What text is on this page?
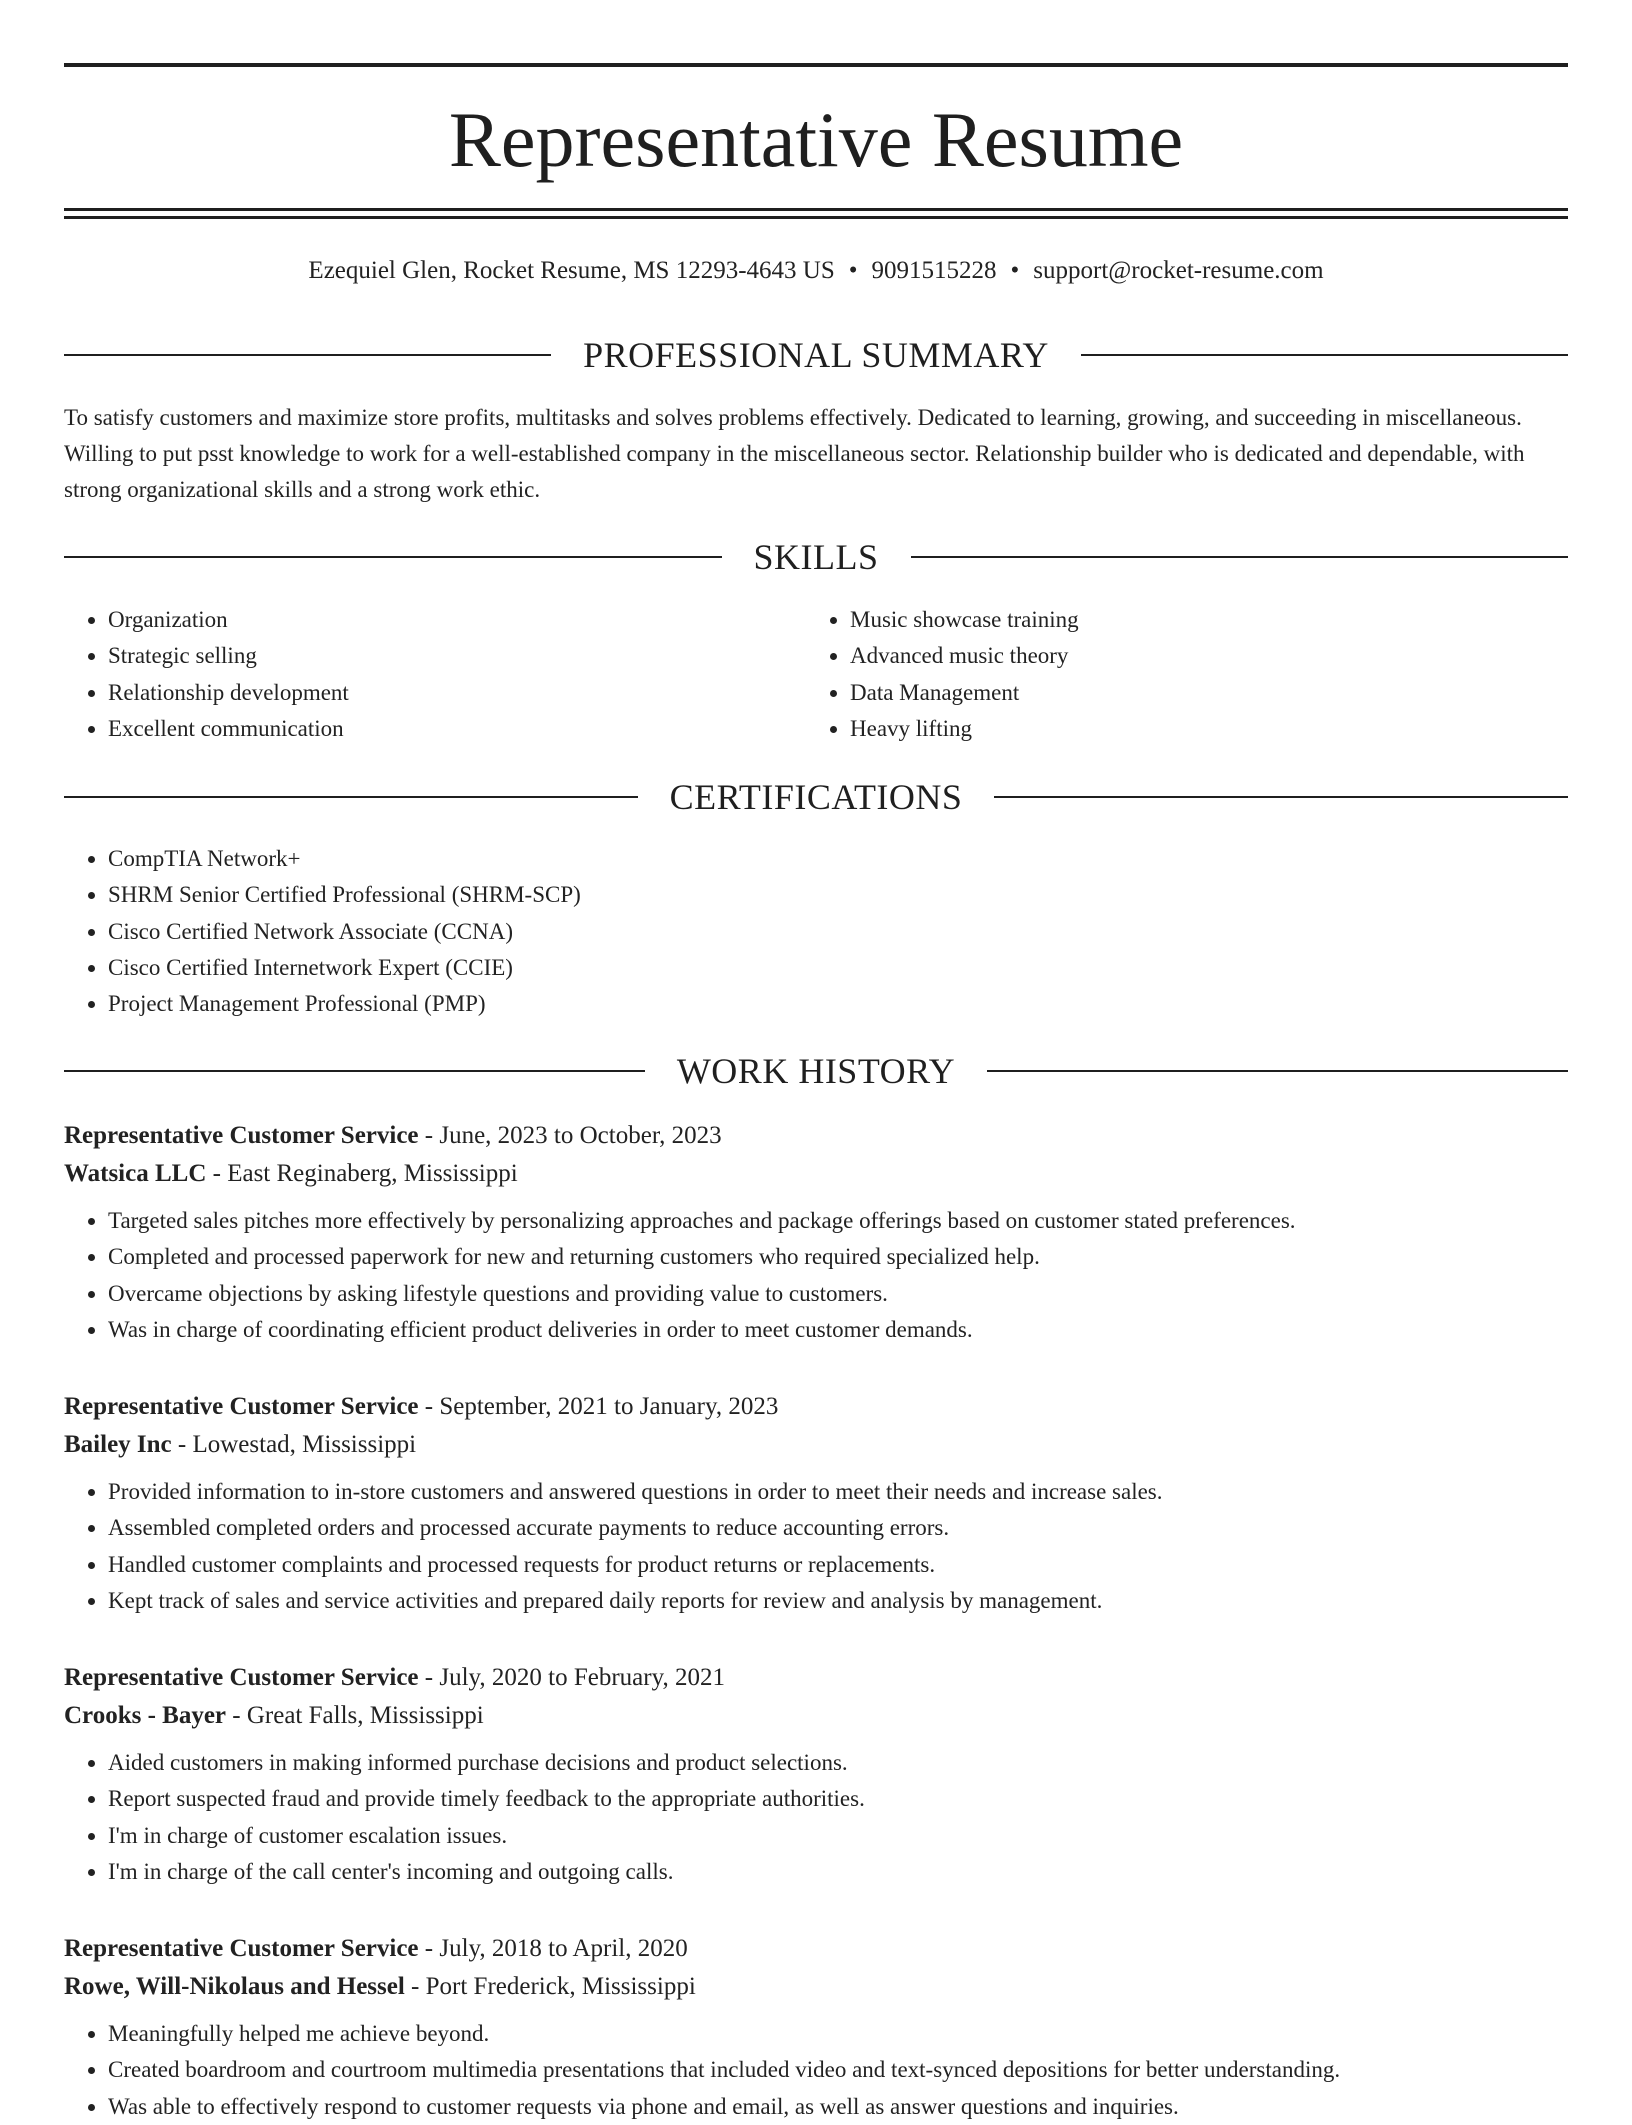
Representative Resume
Ezequiel Glen, Rocket Resume, MS 12293-4643 US • 9091515228 • support@rocket-resume.com
PROFESSIONAL SUMMARY

To satisfy customers and maximize store profits, multitasks and solves problems effectively. Dedicated to learning, growing, and succeeding in miscellaneous. Willing to put psst knowledge to work for a well-established company in the miscellaneous sector. Relationship builder who is dedicated and dependable, with strong organizational skills and a strong work ethic.

SKILLS
• Organization
• Strategic selling
• Relationship development
• Excellent communication
• Music showcase training
• Advanced music theory
• Data Management
• Heavy lifting
CERTIFICATIONS
• CompTIA Network+
• SHRM Senior Certified Professional (SHRM-SCP)
• Cisco Certified Network Associate (CCNA)
• Cisco Certified Internetwork Expert (CCIE)
• Project Management Professional (PMP)
WORK HISTORY
Representative Customer Service - June, 2023 to October, 2023
Watsica LLC - East Reginaberg, Mississippi
• Targeted sales pitches more effectively by personalizing approaches and package offerings based on customer stated preferences.
• Completed and processed paperwork for new and returning customers who required specialized help.
• Overcame objections by asking lifestyle questions and providing value to customers.
• Was in charge of coordinating efficient product deliveries in order to meet customer demands.
Representative Customer Service - September, 2021 to January, 2023
Bailey Inc - Lowestad, Mississippi
• Provided information to in-store customers and answered questions in order to meet their needs and increase sales.
• Assembled completed orders and processed accurate payments to reduce accounting errors.
• Handled customer complaints and processed requests for product returns or replacements.
• Kept track of sales and service activities and prepared daily reports for review and analysis by management.
Representative Customer Service - July, 2020 to February, 2021
Crooks - Bayer - Great Falls, Mississippi
• Aided customers in making informed purchase decisions and product selections.
• Report suspected fraud and provide timely feedback to the appropriate authorities.
• I'm in charge of customer escalation issues.
• I'm in charge of the call center's incoming and outgoing calls.
Representative Customer Service - July, 2018 to April, 2020
Rowe, Will-Nikolaus and Hessel - Port Frederick, Mississippi
• Meaningfully helped me achieve beyond.
• Created boardroom and courtroom multimedia presentations that included video and text-synced depositions for better understanding.
• Was able to effectively respond to customer requests via phone and email, as well as answer questions and inquiries.
